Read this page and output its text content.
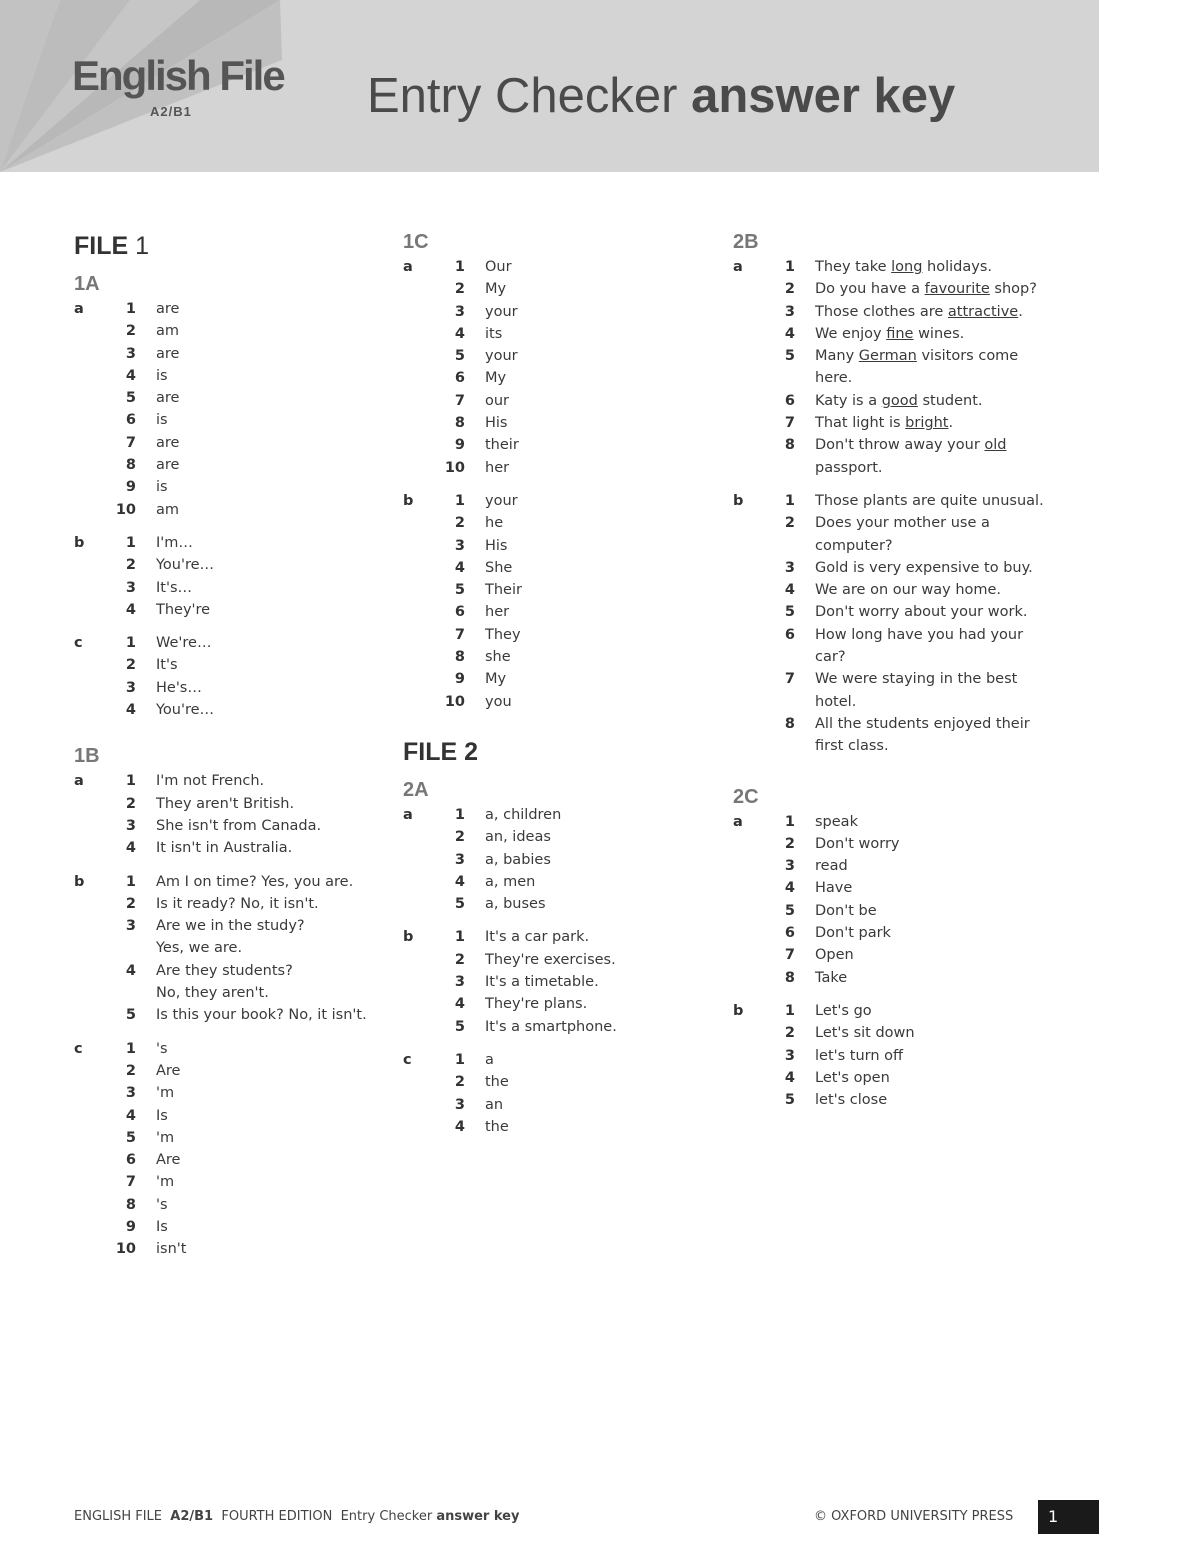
English File
A2/B1	Entry Checker answer key
FILE 1
1A
a	1	are
2	am
3	are
4	is
5	are
6	is
7	are
8	are
9	is
10	am
b	1	I'm…
2	You're…
3	It's…
4	They're
c	1	We're…
2	It's
3	He's…
4	You're…
1B
a	1	I'm not French.
2	They aren't British.
3	She isn't from Canada.
4	It isn't in Australia.
b	1	Am I on time? Yes, you are.
2	Is it ready? No, it isn't.
3	Are we in the study?
Yes, we are.
4	Are they students?
No, they aren't.
5	Is this your book? No, it isn't.
c	1	's
2	Are
3	'm
4	Is
5	'm
6	Are
7	'm
8	's
9	Is
10	isn't
1C
a	1	Our
2	My
3	your
4	its
5	your
6	My
7	our
8	His
9	their
10	her
b	1	your
2	he
3	His
4	She
5	Their
6	her
7	They
8	she
9	My
10	you
FILE 2
2A
a	1	a, children
2	an, ideas
3	a, babies
4	a, men
5	a, buses
b	1	It's a car park.
2	They're exercises.
3	It's a timetable.
4	They're plans.
5	It's a smartphone.
c	1	a
2	the
3	an
4	the
2B
a	1	They take long holidays.
2	Do you have a favourite shop?
3	Those clothes are attractive.
4	We enjoy fine wines.
5	Many German visitors come
here.
6	Katy is a good student.
7	That light is bright.
8	Don't throw away your old
passport.
b	1	Those plants are quite unusual.
2	Does your mother use a
computer?
3	Gold is very expensive to buy.
4	We are on our way home.
5	Don't worry about your work.
6	How long have you had your
car?
7	We were staying in the best
hotel.
8	All the students enjoyed their
first class.
2C
a	1	speak
2	Don't worry
3	read
4	Have
5	Don't be
6	Don't park
7	Open
8	Take
b	1	Let's go
2	Let's sit down
3	let's turn off
4	Let's open
5	let's close
ENGLISH FILE A2/B1 FOURTH EDITION Entry Checker answer key	© OXFORD UNIVERSITY PRESS	1
